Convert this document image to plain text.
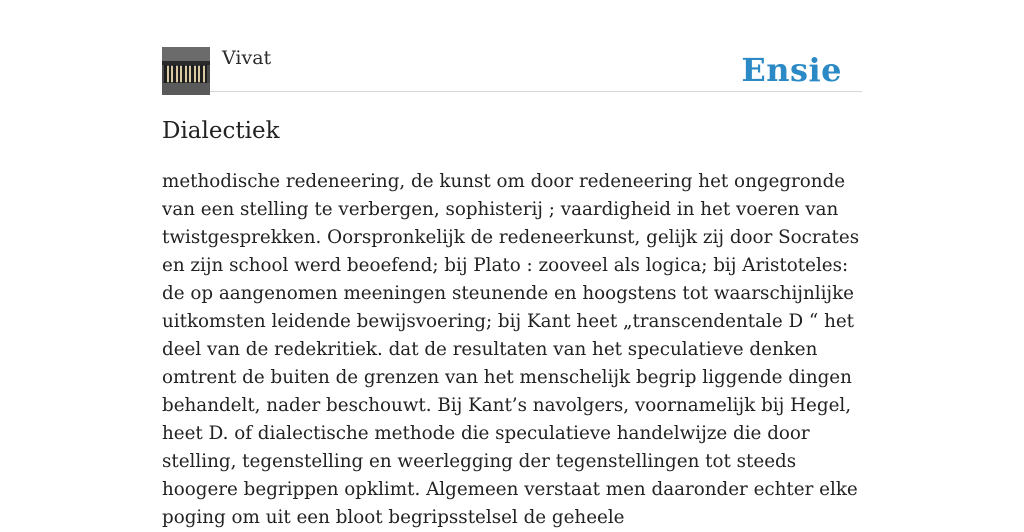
Vivat	Ensie
Dialectiek

methodische redeneering, de kunst om door redeneering het ongegronde van een stelling te verbergen, sophisterij ; vaardigheid in het voeren van twistgesprekken. Oorspronkelijk de redeneerkunst, gelijk zij door Socrates en zijn school werd beoefend; bij Plato : zooveel als logica; bij Aristoteles: de op aangenomen meeningen steunende en hoogstens tot waarschijnlijke uitkomsten leidende bewijsvoering; bij Kant heet „transcendentale D “ het deel van de redekritiek. dat de resultaten van het speculatieve denken omtrent de buiten de grenzen van het menschelijk begrip liggende dingen behandelt, nader beschouwt. Bij Kant’s navolgers, voornamelijk bij Hegel, heet D. of dialectische methode die speculatieve handelwijze die door stelling, tegenstelling en weerlegging der tegenstellingen tot steeds hoogere begrippen opklimt. Algemeen verstaat men daaronder echter elke poging om uit een bloot begripsstelsel de geheele
